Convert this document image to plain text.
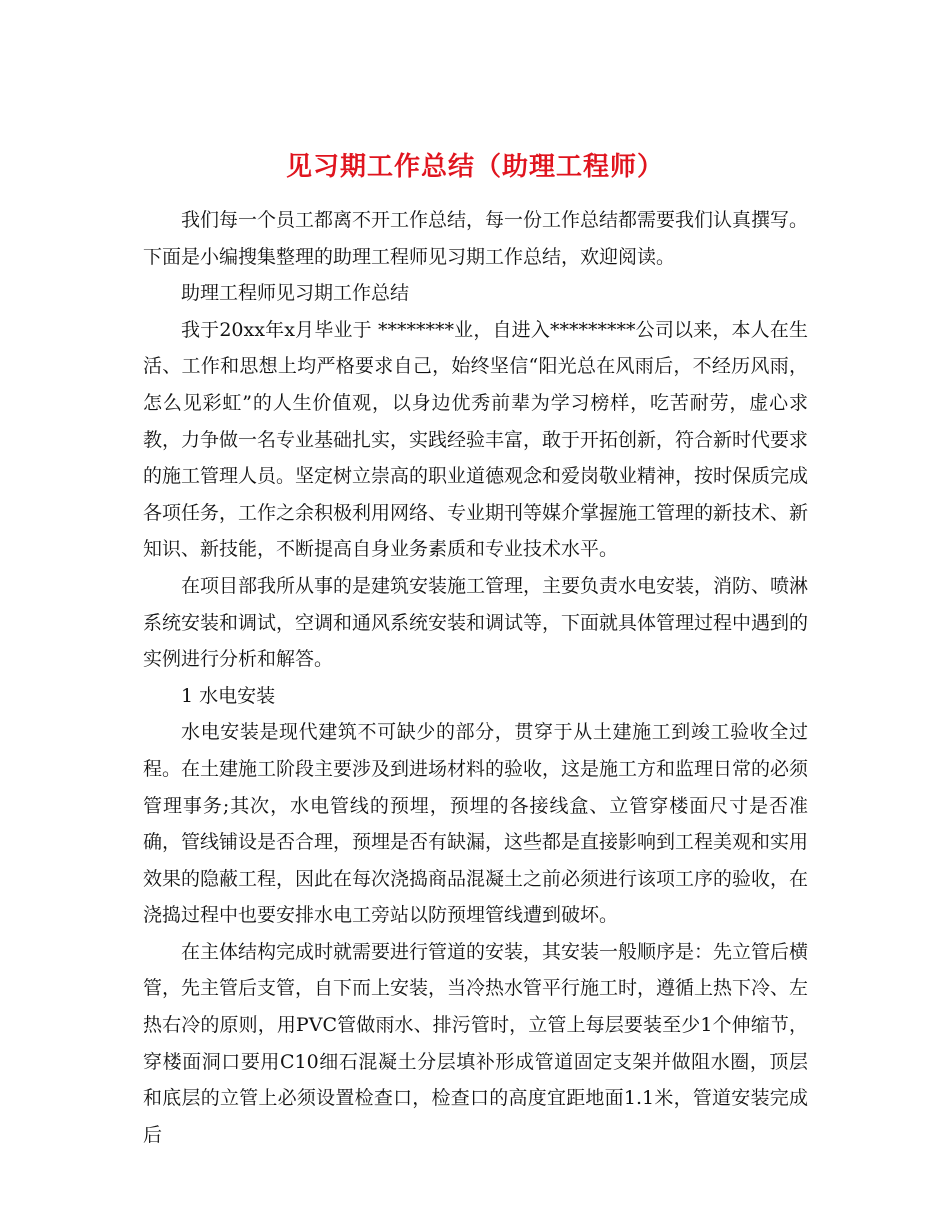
见习期工作总结（助理工程师）

我们每一个员工都离不开工作总结，每一份工作总结都需要我们认真撰写。下面是小编搜集整理的助理工程师见习期工作总结，欢迎阅读。

助理工程师见习期工作总结

我于20xx年x月毕业于 ********业，自进入*********公司以来，本人在生活、工作和思想上均严格要求自己，始终坚信“阳光总在风雨后，不经历风雨，怎么见彩虹”的人生价值观，以身边优秀前辈为学习榜样，吃苦耐劳，虚心求教，力争做一名专业基础扎实，实践经验丰富，敢于开拓创新，符合新时代要求的施工管理人员。坚定树立崇高的职业道德观念和爱岗敬业精神，按时保质完成各项任务，工作之余积极利用网络、专业期刊等媒介掌握施工管理的新技术、新知识、新技能，不断提高自身业务素质和专业技术水平。

在项目部我所从事的是建筑安装施工管理，主要负责水电安装，消防、喷淋系统安装和调试，空调和通风系统安装和调试等，下面就具体管理过程中遇到的实例进行分析和解答。

1 水电安装

水电安装是现代建筑不可缺少的部分，贯穿于从土建施工到竣工验收全过程。在土建施工阶段主要涉及到进场材料的验收，这是施工方和监理日常的必须管理事务;其次，水电管线的预埋，预埋的各接线盒、立管穿楼面尺寸是否准确，管线铺设是否合理，预埋是否有缺漏，这些都是直接影响到工程美观和实用效果的隐蔽工程，因此在每次浇捣商品混凝土之前必须进行该项工序的验收，在浇捣过程中也要安排水电工旁站以防预埋管线遭到破坏。

在主体结构完成时就需要进行管道的安装，其安装一般顺序是：先立管后横管，先主管后支管，自下而上安装，当冷热水管平行施工时，遵循上热下冷、左热右冷的原则，用PVC管做雨水、排污管时，立管上每层要装至少1个伸缩节，穿楼面洞口要用C10细石混凝土分层填补形成管道固定支架并做阻水圈，顶层和底层的立管上必须设置检查口，检查口的高度宜距地面1.1米，管道安装完成后
